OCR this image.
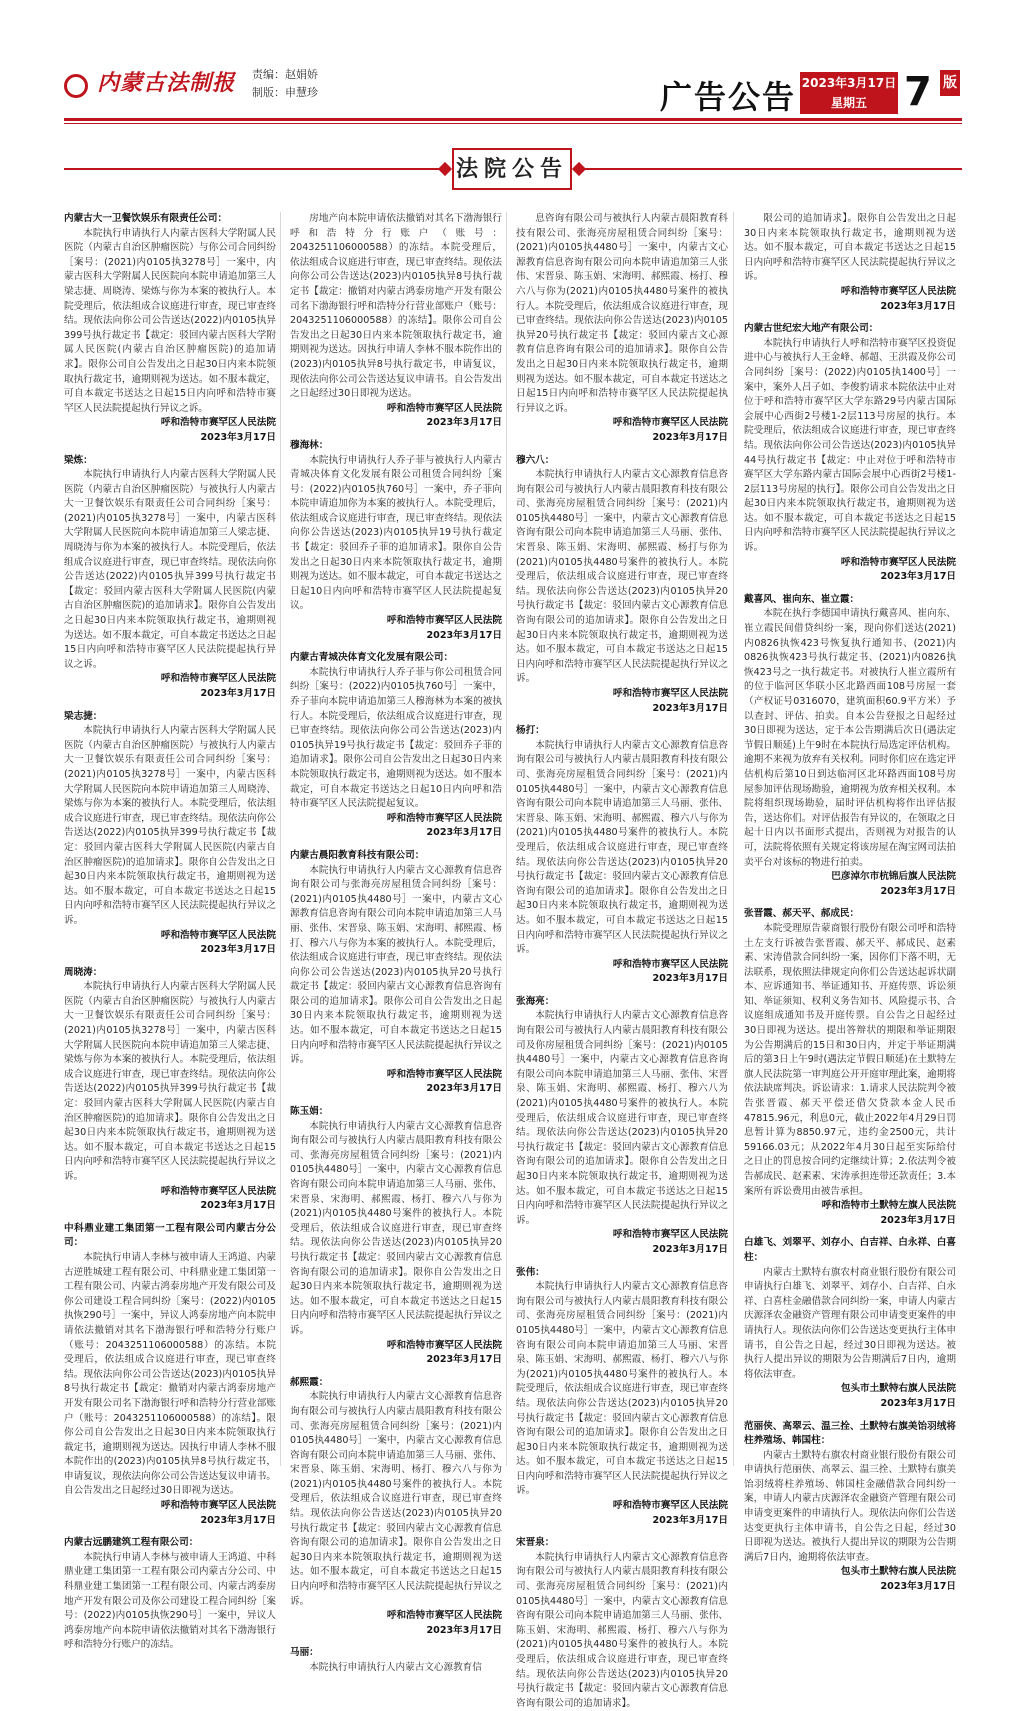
内蒙古法制报	责编：赵娟娇
制版：申慧珍	广告公告 2023年3月17日
星期五 7 版
法院公告

内蒙古大一卫餐饮娱乐有限责任公司：

本院执行申请执行人内蒙古医科大学附属人民医院（内蒙古自治区肿瘤医院）与你公司合同纠纷［案号：(2021)内0105执3278号］一案中，内蒙古医科大学附属人民医院向本院申请追加第三人梁志捷、周晓涛、梁炼与你为本案的被执行人。本院受理后，依法组成合议庭进行审查，现已审查终结。现依法向你公司公告送达(2022)内0105执异399号执行裁定书【裁定：驳回内蒙古医科大学附属人民医院(内蒙古自治区肿瘤医院)的追加请求】。限你公司自公告发出之日起30日内来本院领取执行裁定书，逾期则视为送达。如不服本裁定，可自本裁定书送达之日起15日内向呼和浩特市赛罕区人民法院提起执行异议之诉。

呼和浩特市赛罕区人民法院

2023年3月17日

梁炼：

本院执行申请执行人内蒙古医科大学附属人民医院（内蒙古自治区肿瘤医院）与被执行人内蒙古大一卫餐饮娱乐有限责任公司合同纠纷［案号：(2021)内0105执3278号］一案中，内蒙古医科大学附属人民医院向本院申请追加第三人梁志捷、周晓涛与你为本案的被执行人。本院受理后，依法组成合议庭进行审查，现已审查终结。现依法向你公告送达(2022)内0105执异399号执行裁定书【裁定：驳回内蒙古医科大学附属人民医院(内蒙古自治区肿瘤医院)的追加请求】。限你自公告发出之日起30日内来本院领取执行裁定书，逾期则视为送达。如不服本裁定，可自本裁定书送达之日起15日内向呼和浩特市赛罕区人民法院提起执行异议之诉。

呼和浩特市赛罕区人民法院

2023年3月17日

梁志捷：

本院执行申请执行人内蒙古医科大学附属人民医院（内蒙古自治区肿瘤医院）与被执行人内蒙古大一卫餐饮娱乐有限责任公司合同纠纷［案号：(2021)内0105执3278号］一案中，内蒙古医科大学附属人民医院向本院申请追加第三人周晓涛、梁炼与你为本案的被执行人。本院受理后，依法组成合议庭进行审查，现已审查终结。现依法向你公告送达(2022)内0105执异399号执行裁定书【裁定：驳回内蒙古医科大学附属人民医院(内蒙古自治区肿瘤医院)的追加请求】。限你自公告发出之日起30日内来本院领取执行裁定书，逾期则视为送达。如不服本裁定，可自本裁定书送达之日起15日内向呼和浩特市赛罕区人民法院提起执行异议之诉。

呼和浩特市赛罕区人民法院

2023年3月17日

周晓涛：

本院执行申请执行人内蒙古医科大学附属人民医院（内蒙古自治区肿瘤医院）与被执行人内蒙古大一卫餐饮娱乐有限责任公司合同纠纷［案号：(2021)内0105执3278号］一案中，内蒙古医科大学附属人民医院向本院申请追加第三人梁志捷、梁炼与你为本案的被执行人。本院受理后，依法组成合议庭进行审查，现已审查终结。现依法向你公告送达(2022)内0105执异399号执行裁定书【裁定：驳回内蒙古医科大学附属人民医院(内蒙古自治区肿瘤医院)的追加请求】。限你自公告发出之日起30日内来本院领取执行裁定书，逾期则视为送达。如不服本裁定，可自本裁定书送达之日起15日内向呼和浩特市赛罕区人民法院提起执行异议之诉。

呼和浩特市赛罕区人民法院

2023年3月17日

中科鼎业建工集团第一工程有限公司内蒙古分公司：

本院执行申请人李林与被申请人王鸿道、内蒙古逆胜城建工程有限公司、中科鼎业建工集团第一工程有限公司、内蒙古鸿泰房地产开发有限公司及你公司建设工程合同纠纷［案号：(2022)内0105执恢290号］一案中，异议人鸿泰房地产向本院申请依法撤销对其名下渤海银行呼和浩特分行账户（账号：2043251106000588）的冻结。本院受理后，依法组成合议庭进行审查，现已审查终结。现依法向你公司公告送达(2023)内0105执异8号执行裁定书【裁定：撤销对内蒙古鸿泰房地产开发有限公司名下渤海银行呼和浩特分行营业部账户（账号：2043251106000588）的冻结】。限你公司自公告发出之日起30日内来本院领取执行裁定书，逾期则视为送达。因执行申请人李林不服本院作出的(2023)内0105执异8号执行裁定书，申请复议，现依法向你公司公告送达复议申请书。自公告发出之日起经过30日即视为送达。

呼和浩特市赛罕区人民法院

2023年3月17日

内蒙古远鹏建筑工程有限公司：

本院执行申请人李林与被申请人王鸿道、中科鼎业建工集团第一工程有限公司内蒙古分公司、中科鼎业建工集团第一工程有限公司、内蒙古鸿泰房地产开发有限公司及你公司建设工程合同纠纷［案号：(2022)内0105执恢290号］一案中，异议人鸿泰房地产向本院申请依法撤销对其名下渤海银行呼和浩特分行账户的冻结。

房地产向本院申请依法撤销对其名下渤海银行呼和浩特分行账户（账号：2043251106000588）的冻结。本院受理后，依法组成合议庭进行审查，现已审查终结。现依法向你公司公告送达(2023)内0105执异8号执行裁定书【裁定：撤销对内蒙古鸿泰房地产开发有限公司名下渤海银行呼和浩特分行营业部账户（账号：2043251106000588）的冻结】。限你公司自公告发出之日起30日内来本院领取执行裁定书，逾期则视为送达。因执行申请人李林不服本院作出的(2023)内0105执异8号执行裁定书，申请复议，现依法向你公司公告送达复议申请书。自公告发出之日起经过30日即视为送达。

呼和浩特市赛罕区人民法院

2023年3月17日

穆海林：

本院执行申请执行人乔子菲与被执行人内蒙古青城决体育文化发展有限公司租赁合同纠纷［案号：(2022)内0105执760号］一案中，乔子菲向本院申请追加你为本案的被执行人。本院受理后，依法组成合议庭进行审查，现已审查终结。现依法向你公告送达(2023)内0105执异19号执行裁定书【裁定：驳回乔子菲的追加请求】。限你自公告发出之日起30日内来本院领取执行裁定书，逾期则视为送达。如不服本裁定，可自本裁定书送达之日起10日内向呼和浩特市赛罕区人民法院提起复议。

呼和浩特市赛罕区人民法院

2023年3月17日

内蒙古青城决体育文化发展有限公司：

本院执行申请执行人乔子菲与你公司租赁合同纠纷［案号：(2022)内0105执760号］一案中，乔子菲向本院申请追加第三人穆海林为本案的被执行人。本院受理后，依法组成合议庭进行审查，现已审查终结。现依法向你公司公告送达(2023)内0105执异19号执行裁定书【裁定：驳回乔子菲的追加请求】。限你公司自公告发出之日起30日内来本院领取执行裁定书，逾期则视为送达。如不服本裁定，可自本裁定书送达之日起10日内向呼和浩特市赛罕区人民法院提起复议。

呼和浩特市赛罕区人民法院

2023年3月17日

内蒙古晨阳教育科技有限公司：

本院执行申请执行人内蒙古文心源教育信息咨询有限公司与张海亮房屋租赁合同纠纷［案号：(2021)内0105执4480号］一案中，内蒙古文心源教育信息咨询有限公司向本院申请追加第三人马丽、张伟、宋晋泉、陈玉娟、宋海明、郝熙霞、杨打、穆六八与你为本案的被执行人。本院受理后，依法组成合议庭进行审查，现已审查终结。现依法向你公司公告送达(2023)内0105执异20号执行裁定书【裁定：驳回内蒙古文心源教育信息咨询有限公司的追加请求】。限你公司自公告发出之日起30日内来本院领取执行裁定书，逾期则视为送达。如不服本裁定，可自本裁定书送达之日起15日内向呼和浩特市赛罕区人民法院提起执行异议之诉。

呼和浩特市赛罕区人民法院

2023年3月17日

陈玉娟：

本院执行申请执行人内蒙古文心源教育信息咨询有限公司与被执行人内蒙古晨阳教育科技有限公司、张海亮房屋租赁合同纠纷［案号：(2021)内0105执4480号］一案中，内蒙古文心源教育信息咨询有限公司向本院申请追加第三人马丽、张伟、宋晋泉、宋海明、郝熙霞、杨打、穆六八与你为(2021)内0105执4480号案件的被执行人。本院受理后，依法组成合议庭进行审查，现已审查终结。现依法向你公告送达(2023)内0105执异20号执行裁定书【裁定：驳回内蒙古文心源教育信息咨询有限公司的追加请求】。限你自公告发出之日起30日内来本院领取执行裁定书，逾期则视为送达。如不服本裁定，可自本裁定书送达之日起15日内向呼和浩特市赛罕区人民法院提起执行异议之诉。

呼和浩特市赛罕区人民法院

2023年3月17日

郝熙霞：

本院执行申请执行人内蒙古文心源教育信息咨询有限公司与被执行人内蒙古晨阳教育科技有限公司、张海亮房屋租赁合同纠纷［案号：(2021)内0105执4480号］一案中，内蒙古文心源教育信息咨询有限公司向本院申请追加第三人马丽、张伟、宋晋泉、陈玉娟、宋海明、杨打、穆六八与你为(2021)内0105执4480号案件的被执行人。本院受理后，依法组成合议庭进行审查，现已审查终结。现依法向你公告送达(2023)内0105执异20号执行裁定书【裁定：驳回内蒙古文心源教育信息咨询有限公司的追加请求】。限你自公告发出之日起30日内来本院领取执行裁定书，逾期则视为送达。如不服本裁定，可自本裁定书送达之日起15日内向呼和浩特市赛罕区人民法院提起执行异议之诉。

呼和浩特市赛罕区人民法院

2023年3月17日

马丽：

本院执行申请执行人内蒙古文心源教育信

息咨询有限公司与被执行人内蒙古晨阳教育科技有限公司、张海亮房屋租赁合同纠纷［案号：(2021)内0105执4480号］一案中，内蒙古文心源教育信息咨询有限公司向本院申请追加第三人张伟、宋晋泉、陈玉娟、宋海明、郝熙霞、杨打、穆六八与你为(2021)内0105执4480号案件的被执行人。本院受理后，依法组成合议庭进行审查，现已审查终结。现依法向你公告送达(2023)内0105执异20号执行裁定书【裁定：驳回内蒙古文心源教育信息咨询有限公司的追加请求】。限你自公告发出之日起30日内来本院领取执行裁定书，逾期则视为送达。如不服本裁定，可自本裁定书送达之日起15日内向呼和浩特市赛罕区人民法院提起执行异议之诉。

呼和浩特市赛罕区人民法院

2023年3月17日

穆六八：

本院执行申请执行人内蒙古文心源教育信息咨询有限公司与被执行人内蒙古晨阳教育科技有限公司、张海亮房屋租赁合同纠纷［案号：(2021)内0105执4480号］一案中，内蒙古文心源教育信息咨询有限公司向本院申请追加第三人马丽、张伟、宋晋泉、陈玉娟、宋海明、郝熙霞、杨打与你为(2021)内0105执4480号案件的被执行人。本院受理后，依法组成合议庭进行审查，现已审查终结。现依法向你公告送达(2023)内0105执异20号执行裁定书【裁定：驳回内蒙古文心源教育信息咨询有限公司的追加请求】。限你自公告发出之日起30日内来本院领取执行裁定书，逾期则视为送达。如不服本裁定，可自本裁定书送达之日起15日内向呼和浩特市赛罕区人民法院提起执行异议之诉。

呼和浩特市赛罕区人民法院

2023年3月17日

杨打：

本院执行申请执行人内蒙古文心源教育信息咨询有限公司与被执行人内蒙古晨阳教育科技有限公司、张海亮房屋租赁合同纠纷［案号：(2021)内0105执4480号］一案中，内蒙古文心源教育信息咨询有限公司向本院申请追加第三人马丽、张伟、宋晋泉、陈玉娟、宋海明、郝熙霞、穆六八与你为(2021)内0105执4480号案件的被执行人。本院受理后，依法组成合议庭进行审查，现已审查终结。现依法向你公告送达(2023)内0105执异20号执行裁定书【裁定：驳回内蒙古文心源教育信息咨询有限公司的追加请求】。限你自公告发出之日起30日内来本院领取执行裁定书，逾期则视为送达。如不服本裁定，可自本裁定书送达之日起15日内向呼和浩特市赛罕区人民法院提起执行异议之诉。

呼和浩特市赛罕区人民法院

2023年3月17日

张海亮：

本院执行申请执行人内蒙古文心源教育信息咨询有限公司与被执行人内蒙古晨阳教育科技有限公司及你房屋租赁合同纠纷［案号：(2021)内0105执4480号］一案中，内蒙古文心源教育信息咨询有限公司向本院申请追加第三人马丽、张伟、宋晋泉、陈玉娟、宋海明、郝熙霞、杨打、穆六八为(2021)内0105执4480号案件的被执行人。本院受理后，依法组成合议庭进行审查，现已审查终结。现依法向你公告送达(2023)内0105执异20号执行裁定书【裁定：驳回内蒙古文心源教育信息咨询有限公司的追加请求】。限你自公告发出之日起30日内来本院领取执行裁定书，逾期则视为送达。如不服本裁定，可自本裁定书送达之日起15日内向呼和浩特市赛罕区人民法院提起执行异议之诉。

呼和浩特市赛罕区人民法院

2023年3月17日

张伟：

本院执行申请执行人内蒙古文心源教育信息咨询有限公司与被执行人内蒙古晨阳教育科技有限公司、张海亮房屋租赁合同纠纷［案号：(2021)内0105执4480号］一案中，内蒙古文心源教育信息咨询有限公司向本院申请追加第三人马丽、宋晋泉、陈玉娟、宋海明、郝熙霞、杨打、穆六八与你为(2021)内0105执4480号案件的被执行人。本院受理后，依法组成合议庭进行审查，现已审查终结。现依法向你公告送达(2023)内0105执异20号执行裁定书【裁定：驳回内蒙古文心源教育信息咨询有限公司的追加请求】。限你自公告发出之日起30日内来本院领取执行裁定书，逾期则视为送达。如不服本裁定，可自本裁定书送达之日起15日内向呼和浩特市赛罕区人民法院提起执行异议之诉。

呼和浩特市赛罕区人民法院

2023年3月17日

宋晋泉：

本院执行申请执行人内蒙古文心源教育信息咨询有限公司与被执行人内蒙古晨阳教育科技有限公司、张海亮房屋租赁合同纠纷［案号：(2021)内0105执4480号］一案中，内蒙古文心源教育信息咨询有限公司向本院申请追加第三人马丽、张伟、陈玉娟、宋海明、郝熙霞、杨打、穆六八与你为(2021)内0105执4480号案件的被执行人。本院受理后，依法组成合议庭进行审查，现已审查终结。现依法向你公告送达(2023)内0105执异20号执行裁定书【裁定：驳回内蒙古文心源教育信息咨询有限公司的追加请求】。

限公司的追加请求】。限你自公告发出之日起30日内来本院领取执行裁定书，逾期则视为送达。如不服本裁定，可自本裁定书送达之日起15日内向呼和浩特市赛罕区人民法院提起执行异议之诉。

呼和浩特市赛罕区人民法院

2023年3月17日

内蒙古世纪宏大地产有限公司：

本院执行申请执行人呼和浩特市赛罕区投资促进中心与被执行人王金峰、郝超、王洪霞及你公司合同纠纷［案号：(2022)内0105执1400号］一案中，案外人吕子如、李俊豹请求本院依法中止对位于呼和浩特市赛罕区大学东路29号内蒙古国际会展中心西街2号楼1-2层113号房屋的执行。本院受理后，依法组成合议庭进行审查，现已审查终结。现依法向你公司公告送达(2023)内0105执异44号执行裁定书【裁定：中止对位于呼和浩特市赛罕区大学东路内蒙古国际会展中心西街2号楼1-2层113号房屋的执行】。限你公司自公告发出之日起30日内来本院领取执行裁定书，逾期则视为送达。如不服本裁定，可自本裁定书送达之日起15日内向呼和浩特市赛罕区人民法院提起执行异议之诉。

呼和浩特市赛罕区人民法院

2023年3月17日

戴喜风、崔向东、崔立霞：

本院在执行李德国申请执行戴喜风、崔向东、崔立霞民间借贷纠纷一案，现向你们送达(2021)内0826执恢423号恢复执行通知书、(2021)内0826执恢423号执行裁定书、(2021)内0826执恢423号之一执行裁定书。对被执行人崔立霞所有的位于临河区华联小区北路西面108号房屋一套（产权证号0316070，建筑面积60.9平方米）予以查封、评估、拍卖。自本公告登报之日起经过30日即视为送达，定于本公告期满后次日(遇法定节假日顺延)上午9时在本院执行局选定评估机构。逾期不来视为放弃有关权利。同时你们应在选定评估机构后第10日到达临河区北环路西面108号房屋参加评估现场勘验，逾期视为放弃相关权利。本院将组织现场勘验，届时评估机构将作出评估报告，送达你们。对评估报告有异议的，在领取之日起十日内以书面形式提出，否则视为对报告的认可，法院将依照有关规定将该房屋在淘宝网司法拍卖平台对该标的物进行拍卖。

巴彦淖尔市杭锦后旗人民法院

2023年3月17日

张晋霞、郝天平、郝成民：

本院受理原告蒙商银行股份有限公司呼和浩特土左支行诉被告张晋霞、郝天平、郝成民、赵素素、宋涛借款合同纠纷一案，因你们下落不明，无法联系，现依照法律规定向你们公告送达起诉状副本、应诉通知书、举证通知书、开庭传票、诉讼须知、举证须知、权利义务告知书、风险提示书、合议庭组成通知书及开庭传票。自公告之日起经过30日即视为送达。提出答辩状的期限和举证期限为公告期满后的15日和30日内，并定于举证期满后的第3日上午9时(遇法定节假日顺延)在土默特左旗人民法院第一审判庭公开开庭审理此案，逾期将依法缺席判决。诉讼请求：1.请求人民法院判令被告张晋霞、郝天平偿还借欠贷款本金人民币47815.96元，利息0元，截止2022年4月29日罚息暂计算为8850.97元，违约金2500元，共计59166.03元；从2022年4月30日起至实际给付之日止的罚息按合同约定继续计算；2.依法判令被告郝成民、赵素素、宋涛承担连带还款责任；3.本案所有诉讼费用由被告承担。

呼和浩特市土默特左旗人民法院

2023年3月17日

白雄飞、刘翠平、刘存小、白吉祥、白永祥、白喜柱：

内蒙古土默特右旗农村商业银行股份有限公司申请执行白雄飞、刘翠平、刘存小、白吉祥、白永祥、白喜柱金融借款合同纠纷一案，申请人内蒙古庆源泽农金融资产管理有限公司申请变更案件的申请执行人。现依法向你们公告送达变更执行主体申请书，自公告之日起，经过30日即视为送达。被执行人提出异议的期限为公告期满后7日内，逾期将依法审查。

包头市土默特右旗人民法院

2023年3月17日

范丽侠、高翠云、温三拴、土默特右旗美饴羽绒将柱养殖场、韩国柱：

内蒙古土默特右旗农村商业银行股份有限公司申请执行范丽侠、高翠云、温三拴、土默特右旗美饴羽绒将柱养殖场、韩国柱金融借款合同纠纷一案，申请人内蒙古庆源泽农金融资产管理有限公司申请变更案件的申请执行人。现依法向你们公告送达变更执行主体申请书，自公告之日起，经过30日即视为送达。被执行人提出异议的期限为公告期满后7日内，逾期将依法审查。

包头市土默特右旗人民法院

2023年3月17日
